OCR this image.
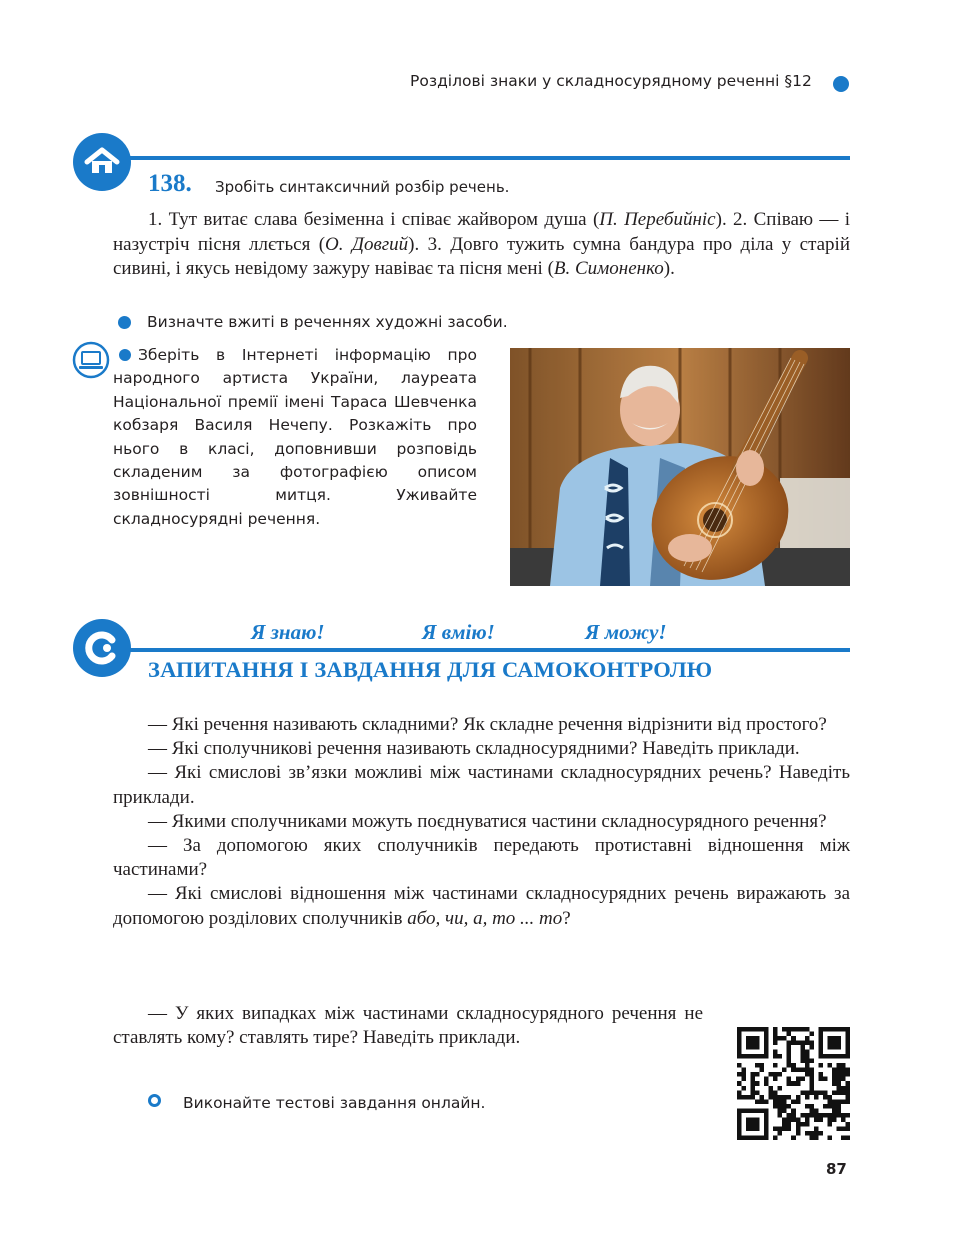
Розділові знаки у складносурядному реченні §12
138. Зробіть синтаксичний розбір речень.
1. Тут витає слава безіменна і співає жайвором душа (П. Перебийніс). 2. Співаю — і назустріч пісня ллється (О. Довгий). 3. Довго тужить сумна бандура про діла у старій сивині, і якусь невідому зажуру навіває та пісня мені (В. Симоненко).
Визначте вжиті в реченнях художні засоби.
Зберіть в Інтернеті інформацію про народного артиста України, лауреата Національної премії імені Тараса Шевченка кобзаря Василя Нечепу. Розкажіть про нього в класі, доповнивши розповідь складеним за фотографією описом зовнішності митця. Уживайте складносурядні речення.
Я знаю!	Я вмію!	Я можу!
ЗАПИТАННЯ І ЗАВДАННЯ ДЛЯ САМОКОНТРОЛЮ

— Які речення називають складними? Як складне речення відрізнити від простого?

— Які сполучникові речення називають складносурядними? Наведіть приклади.

— Які смислові зв’язки можливі між частинами складносурядних речень? Наведіть приклади.

— Якими сполучниками можуть поєднуватися частини складносурядного речення?

— За допомогою яких сполучників передають протиставні відношення між частинами?

— Які смислові відношення між частинами складносурядних речень виражають за допомогою розділових сполучників або, чи, а, то ... то?

— У яких випадках між частинами складносурядного речення не ставлять кому? ставлять тире? Наведіть приклади.

Виконайте тестові завдання онлайн.
87
